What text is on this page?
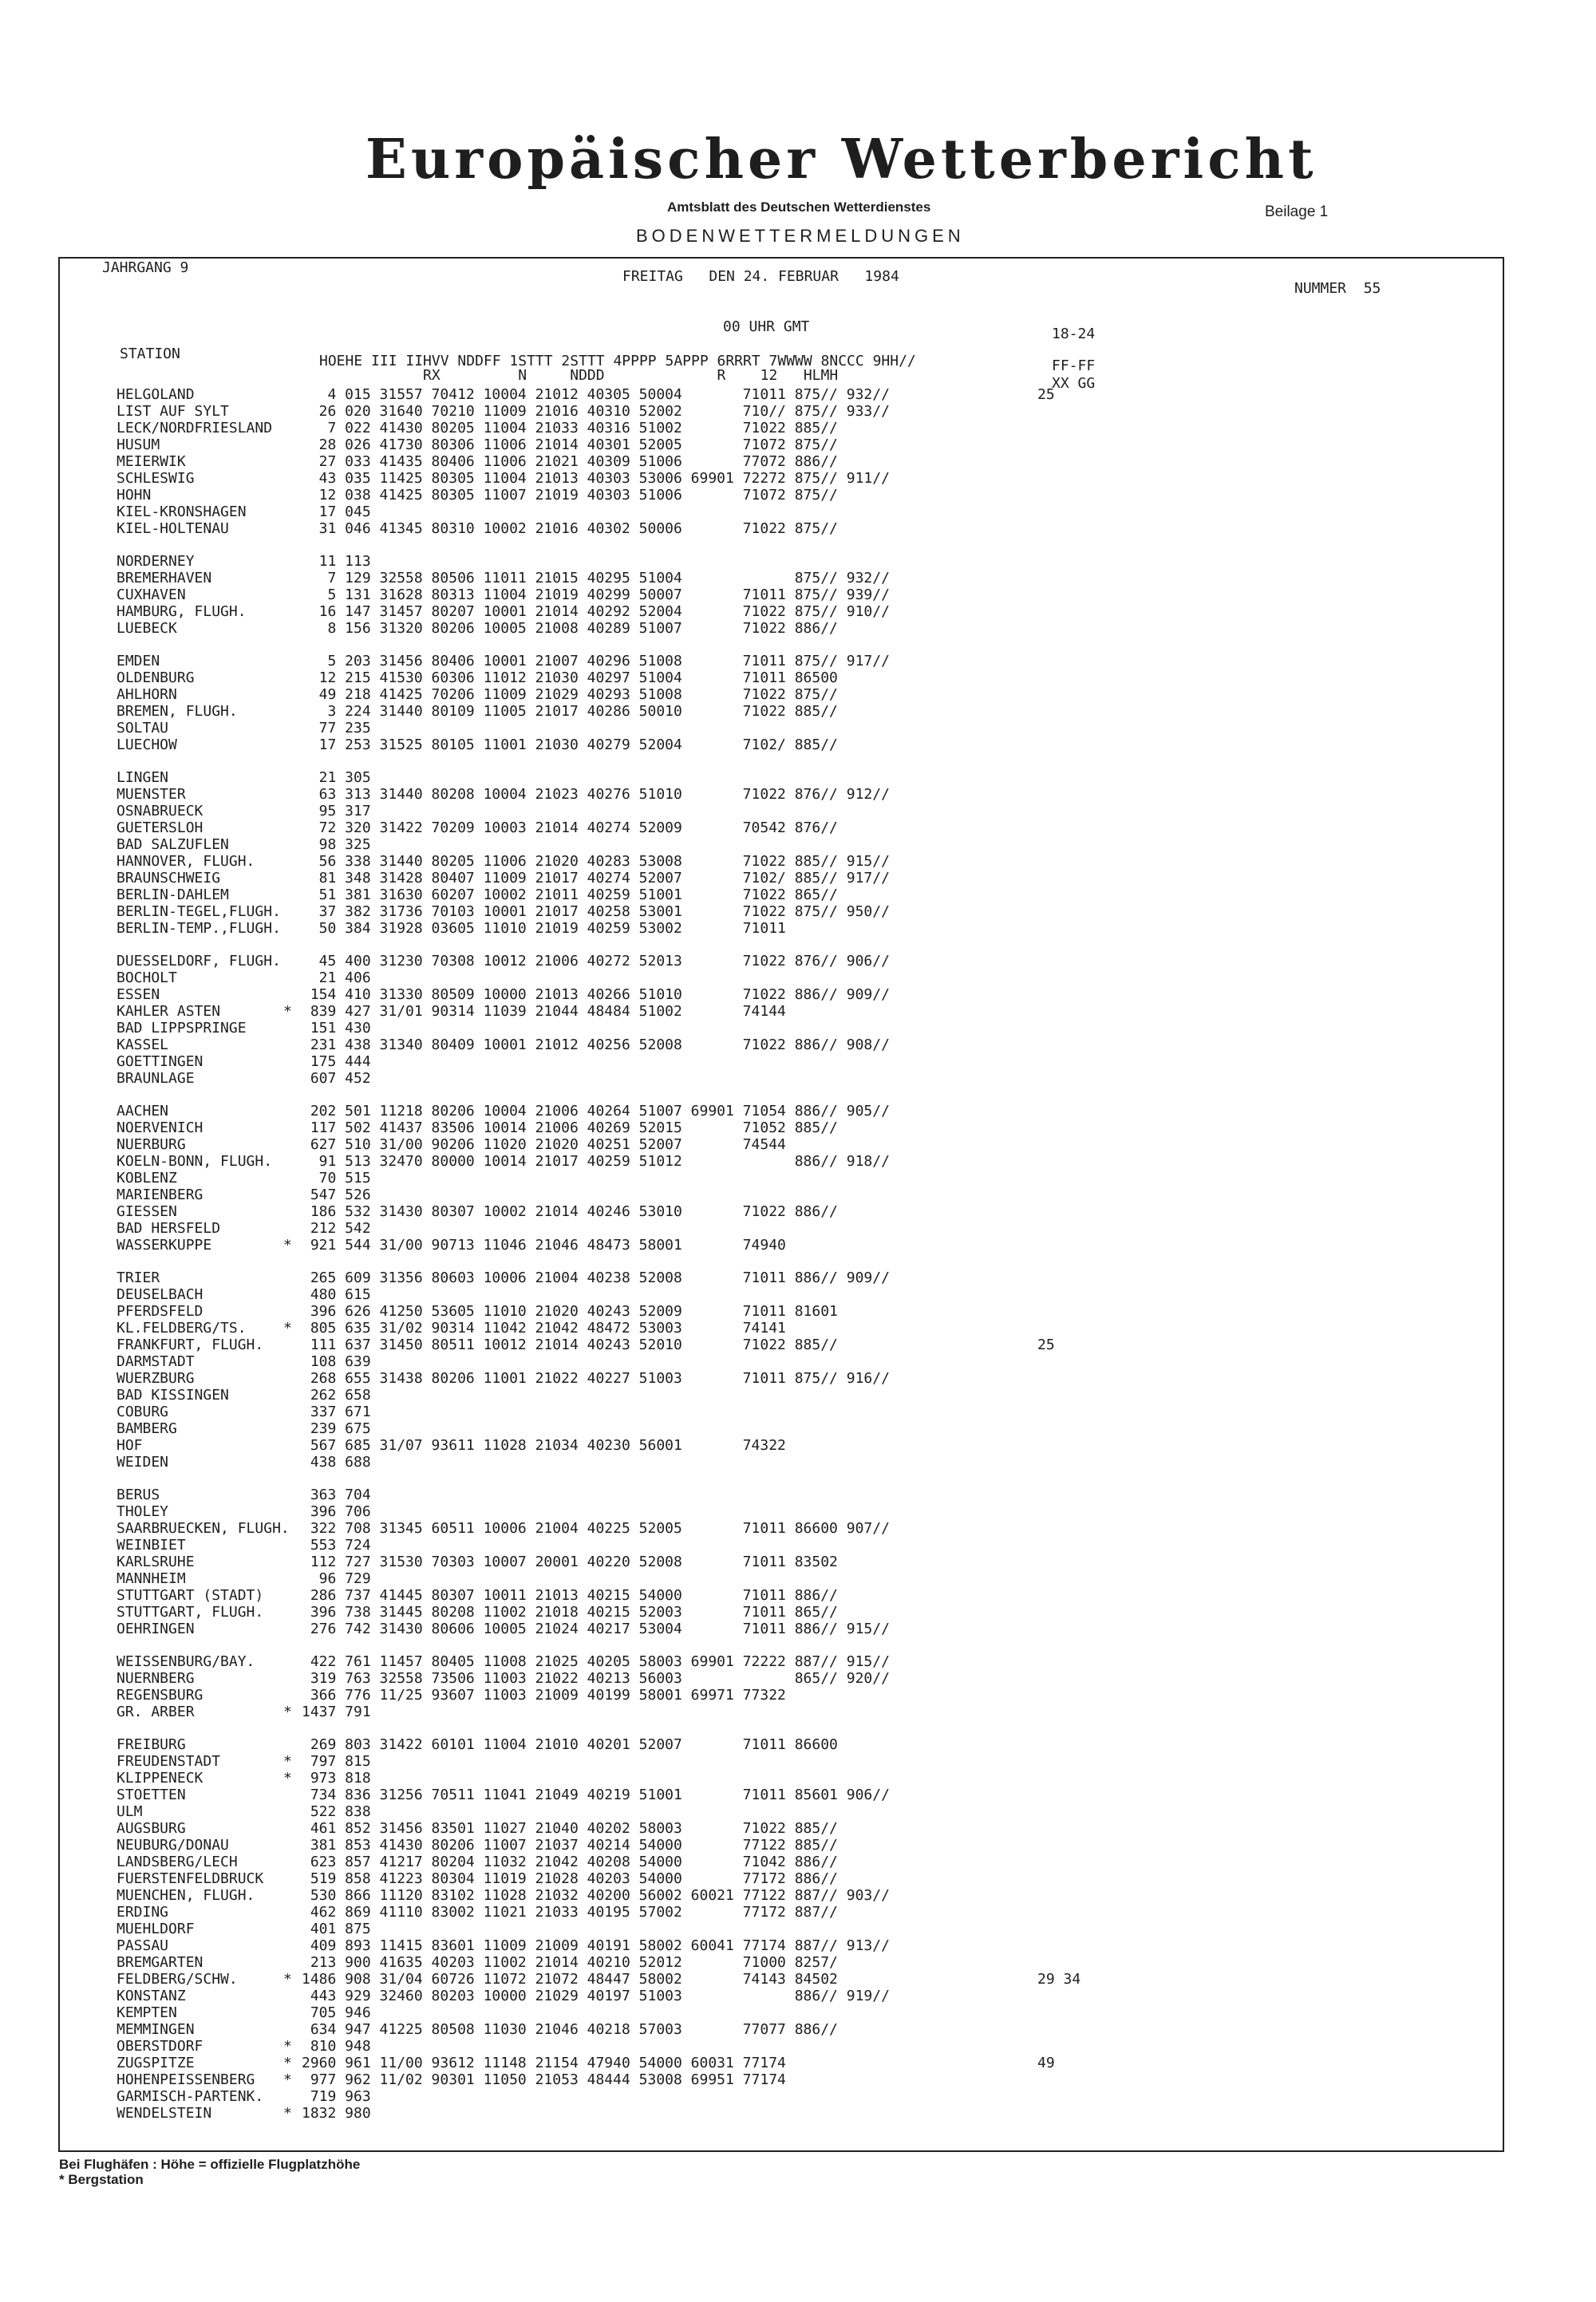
Europäischer Wetterbericht
Amtsblatt des Deutschen Wetterdienstes	Beilage 1
BODENWETTERMELDUNGEN
JAHRGANG 9
FREITAG   DEN 24. FEBRUAR   1984
NUMMER  55
00 UHR GMT	18-24
STATION	HOEHE III IIHVV NDDFF 1STTT 2STTT 4PPPP 5APPP 6RRRT 7WWWW 8NCCC 9HH//	FF-FF
RX         N     NDDD             R    12   HLMH	XX GG
HELGOLAND	4 015 31557 70412 10004 21012 40305 50004       71011 875// 932//	25
LIST AUF SYLT	26 020 31640 70210 11009 21016 40310 52002       710// 875// 933//
LECK/NORDFRIESLAND 7 022 41430 80205 11004 21033 40316 51002       71022 885//
HUSUM	28 026 41730 80306 11006 21014 40301 52005       71072 875//
MEIERWIK	27 033 41435 80406 11006 21021 40309 51006       77072 886//
SCHLESWIG	43 035 11425 80305 11004 21013 40303 53006 69901 72272 875// 911//
HOHN	12 038 41425 80305 11007 21019 40303 51006       71072 875//
KIEL-KRONSHAGEN	17 045
KIEL-HOLTENAU	31 046 41345 80310 10002 21016 40302 50006       71022 875//
NORDERNEY	11 113
BREMERHAVEN	7 129 32558 80506 11011 21015 40295 51004             875// 932//
CUXHAVEN	5 131 31628 80313 11004 21019 40299 50007       71011 875// 939//
HAMBURG, FLUGH.	16 147 31457 80207 10001 21014 40292 52004       71022 875// 910//
LUEBECK	8 156 31320 80206 10005 21008 40289 51007       71022 886//
EMDEN	5 203 31456 80406 10001 21007 40296 51008       71011 875// 917//
OLDENBURG	12 215 41530 60306 11012 21030 40297 51004       71011 86500
AHLHORN	49 218 41425 70206 11009 21029 40293 51008       71022 875//
BREMEN, FLUGH.	3 224 31440 80109 11005 21017 40286 50010       71022 885//
SOLTAU	77 235
LUECHOW	17 253 31525 80105 11001 21030 40279 52004       7102/ 885//
LINGEN	21 305
MUENSTER	63 313 31440 80208 10004 21023 40276 51010       71022 876// 912//
OSNABRUECK	95 317
GUETERSLOH	72 320 31422 70209 10003 21014 40274 52009       70542 876//
BAD SALZUFLEN	98 325
HANNOVER, FLUGH.	56 338 31440 80205 11006 21020 40283 53008       71022 885// 915//
BRAUNSCHWEIG	81 348 31428 80407 11009 21017 40274 52007       7102/ 885// 917//
BERLIN-DAHLEM	51 381 31630 60207 10002 21011 40259 51001       71022 865//
BERLIN-TEGEL,FLUGH. 37 382 31736 70103 10001 21017 40258 53001       71022 875// 950//
BERLIN-TEMP.,FLUGH. 50 384 31928 03605 11010 21019 40259 53002       71011
DUESSELDORF, FLUGH. 45 400 31230 70308 10012 21006 40272 52013       71022 876// 906//
BOCHOLT	21 406
ESSEN	154 410 31330 80509 10000 21013 40266 51010       71022 886// 909//
KAHLER ASTEN	* 839 427 31/01 90314 11039 21044 48484 51002       74144
BAD LIPPSPRINGE	151 430
KASSEL	231 438 31340 80409 10001 21012 40256 52008       71022 886// 908//
GOETTINGEN	175 444
BRAUNLAGE	607 452
AACHEN	202 501 11218 80206 10004 21006 40264 51007 69901 71054 886// 905//
NOERVENICH	117 502 41437 83506 10014 21006 40269 52015       71052 885//
NUERBURG	627 510 31/00 90206 11020 21020 40251 52007       74544
KOELN-BONN, FLUGH. 91 513 32470 80000 10014 21017 40259 51012             886// 918//
KOBLENZ	70 515
MARIENBERG	547 526
GIESSEN	186 532 31430 80307 10002 21014 40246 53010       71022 886//
BAD HERSFELD	212 542
WASSERKUPPE	* 921 544 31/00 90713 11046 21046 48473 58001       74940
TRIER	265 609 31356 80603 10006 21004 40238 52008       71011 886// 909//
DEUSELBACH	480 615
PFERDSFELD	396 626 41250 53605 11010 21020 40243 52009       71011 81601
KL.FELDBERG/TS.	* 805 635 31/02 90314 11042 21042 48472 53003       74141
FRANKFURT, FLUGH.	111 637 31450 80511 10012 21014 40243 52010       71022 885//	25
DARMSTADT	108 639
WUERZBURG	268 655 31438 80206 11001 21022 40227 51003       71011 875// 916//
BAD KISSINGEN	262 658
COBURG	337 671
BAMBERG	239 675
HOF	567 685 31/07 93611 11028 21034 40230 56001       74322
WEIDEN	438 688
BERUS	363 704
THOLEY	396 706
SAARBRUECKEN, FLUGH. 322 708 31345 60511 10006 21004 40225 52005       71011 86600 907//
WEINBIET	553 724
KARLSRUHE	112 727 31530 70303 10007 20001 40220 52008       71011 83502
MANNHEIM	96 729
STUTTGART (STADT)	286 737 41445 80307 10011 21013 40215 54000       71011 886//
STUTTGART, FLUGH.	396 738 31445 80208 11002 21018 40215 52003       71011 865//
OEHRINGEN	276 742 31430 80606 10005 21024 40217 53004       71011 886// 915//
WEISSENBURG/BAY.	422 761 11457 80405 11008 21025 40205 58003 69901 72222 887// 915//
NUERNBERG	319 763 32558 73506 11003 21022 40213 56003             865// 920//
REGENSBURG	366 776 11/25 93607 11003 21009 40199 58001 69971 77322
GR. ARBER	* 1437 791
FREIBURG	269 803 31422 60101 11004 21010 40201 52007       71011 86600
FREUDENSTADT	* 797 815
KLIPPENECK	* 973 818
STOETTEN	734 836 31256 70511 11041 21049 40219 51001       71011 85601 906//
ULM	522 838
AUGSBURG	461 852 31456 83501 11027 21040 40202 58003       71022 885//
NEUBURG/DONAU	381 853 41430 80206 11007 21037 40214 54000       77122 885//
LANDSBERG/LECH	623 857 41217 80204 11032 21042 40208 54000       71042 886//
FUERSTENFELDBRUCK	519 858 41223 80304 11019 21028 40203 54000       77172 886//
MUENCHEN, FLUGH.	530 866 11120 83102 11028 21032 40200 56002 60021 77122 887// 903//
ERDING	462 869 41110 83002 11021 21033 40195 57002       77172 887//
MUEHLDORF	401 875
PASSAU	409 893 11415 83601 11009 21009 40191 58002 60041 77174 887// 913//
BREMGARTEN	213 900 41635 40203 11002 21014 40210 52012       71000 8257/
FELDBERG/SCHW.	* 1486 908 31/04 60726 11072 21072 48447 58002       74143 84502	29 34
KONSTANZ	443 929 32460 80203 10000 21029 40197 51003             886// 919//
KEMPTEN	705 946
MEMMINGEN	634 947 41225 80508 11030 21046 40218 57003       77077 886//
OBERSTDORF	* 810 948
ZUGSPITZE	* 2960 961 11/00 93612 11148 21154 47940 54000 60031 77174	49
HOHENPEISSENBERG * 977 962 11/02 90301 11050 21053 48444 53008 69951 77174
GARMISCH-PARTENK.	719 963
WENDELSTEIN	* 1832 980
Bei Flughäfen : Höhe = offizielle Flugplatzhöhe
* Bergstation
